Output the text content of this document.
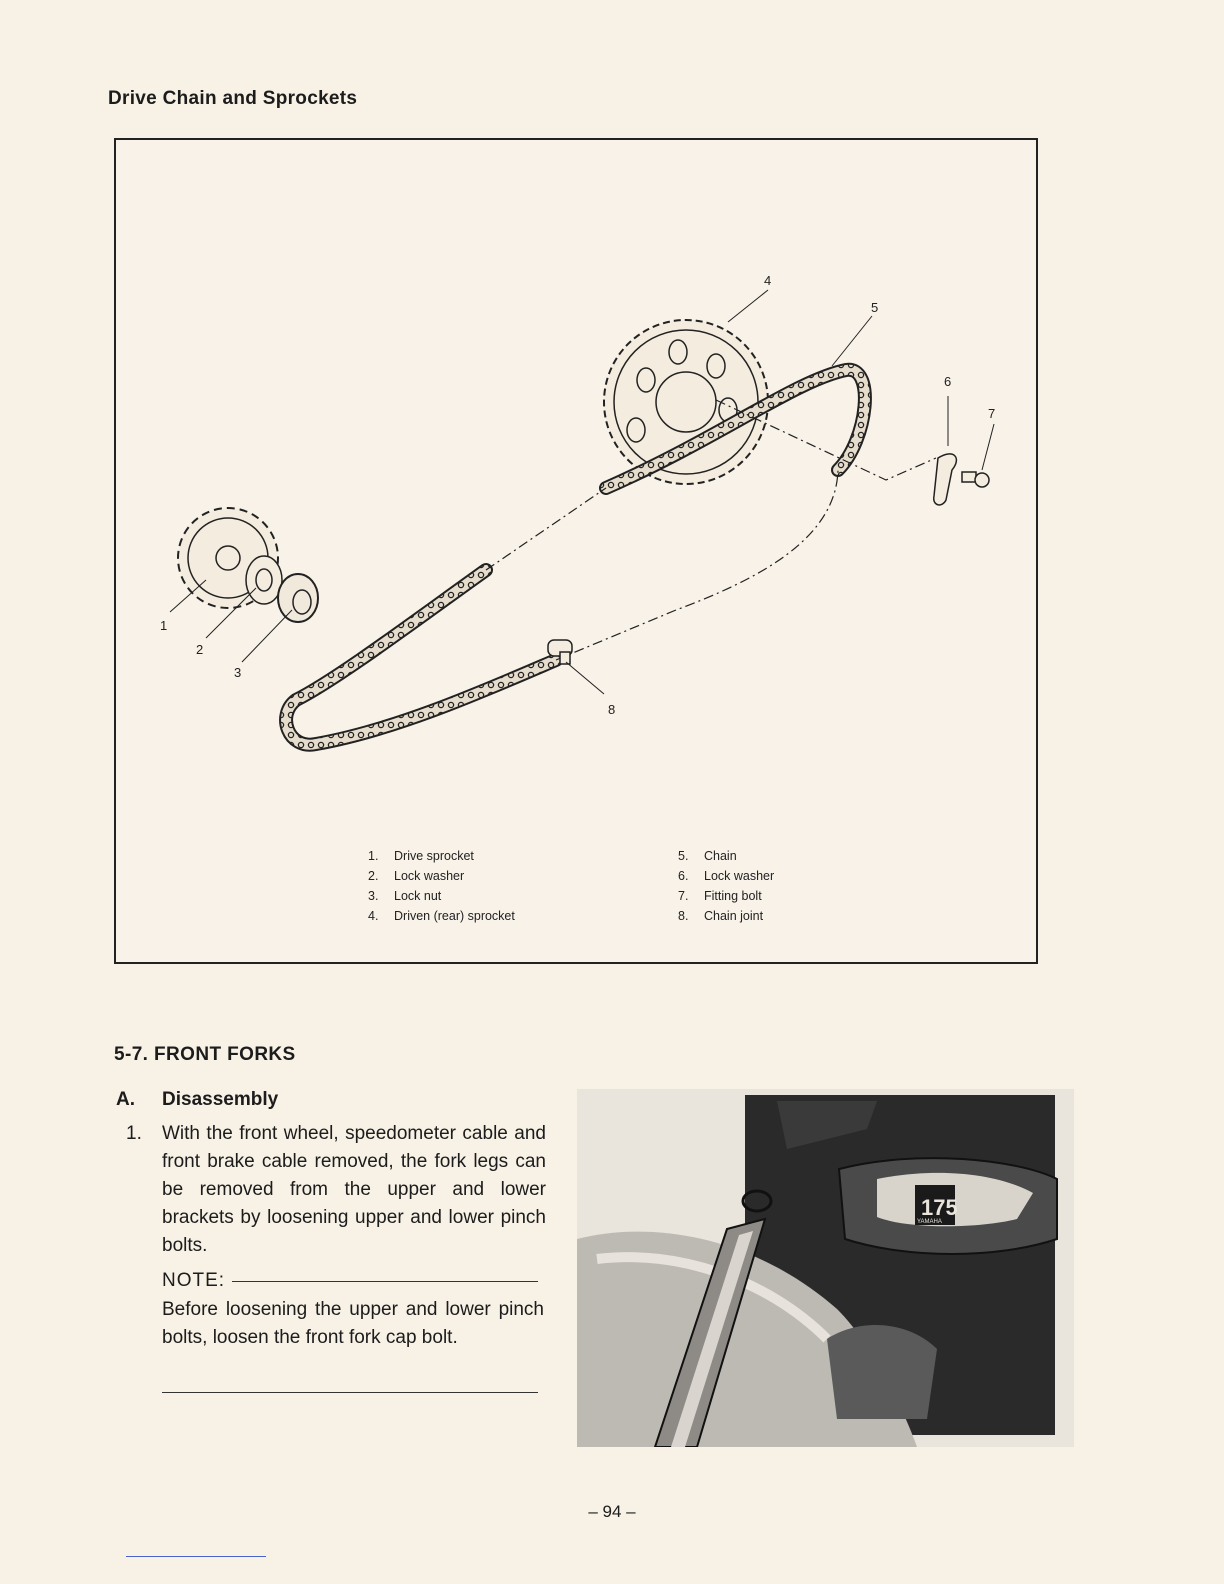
Drive Chain and Sprockets
1
2
3
4
5
6
7
8
1.	Drive sprocket
2.	Lock washer
3.	Lock nut
4.	Driven (rear) sprocket
5.	Chain
6.	Lock washer
7.	Fitting bolt
8.	Chain joint
5-7. FRONT FORKS
A. Disassembly
1.	With the front wheel, speedometer cable and front brake cable removed, the fork legs can be removed from the upper and lower brackets by loosening upper and lower pinch bolts.
NOTE:
Before loosening the upper and lower pinch bolts, loosen the front fork cap bolt.
175
YAMAHA
– 94 –
